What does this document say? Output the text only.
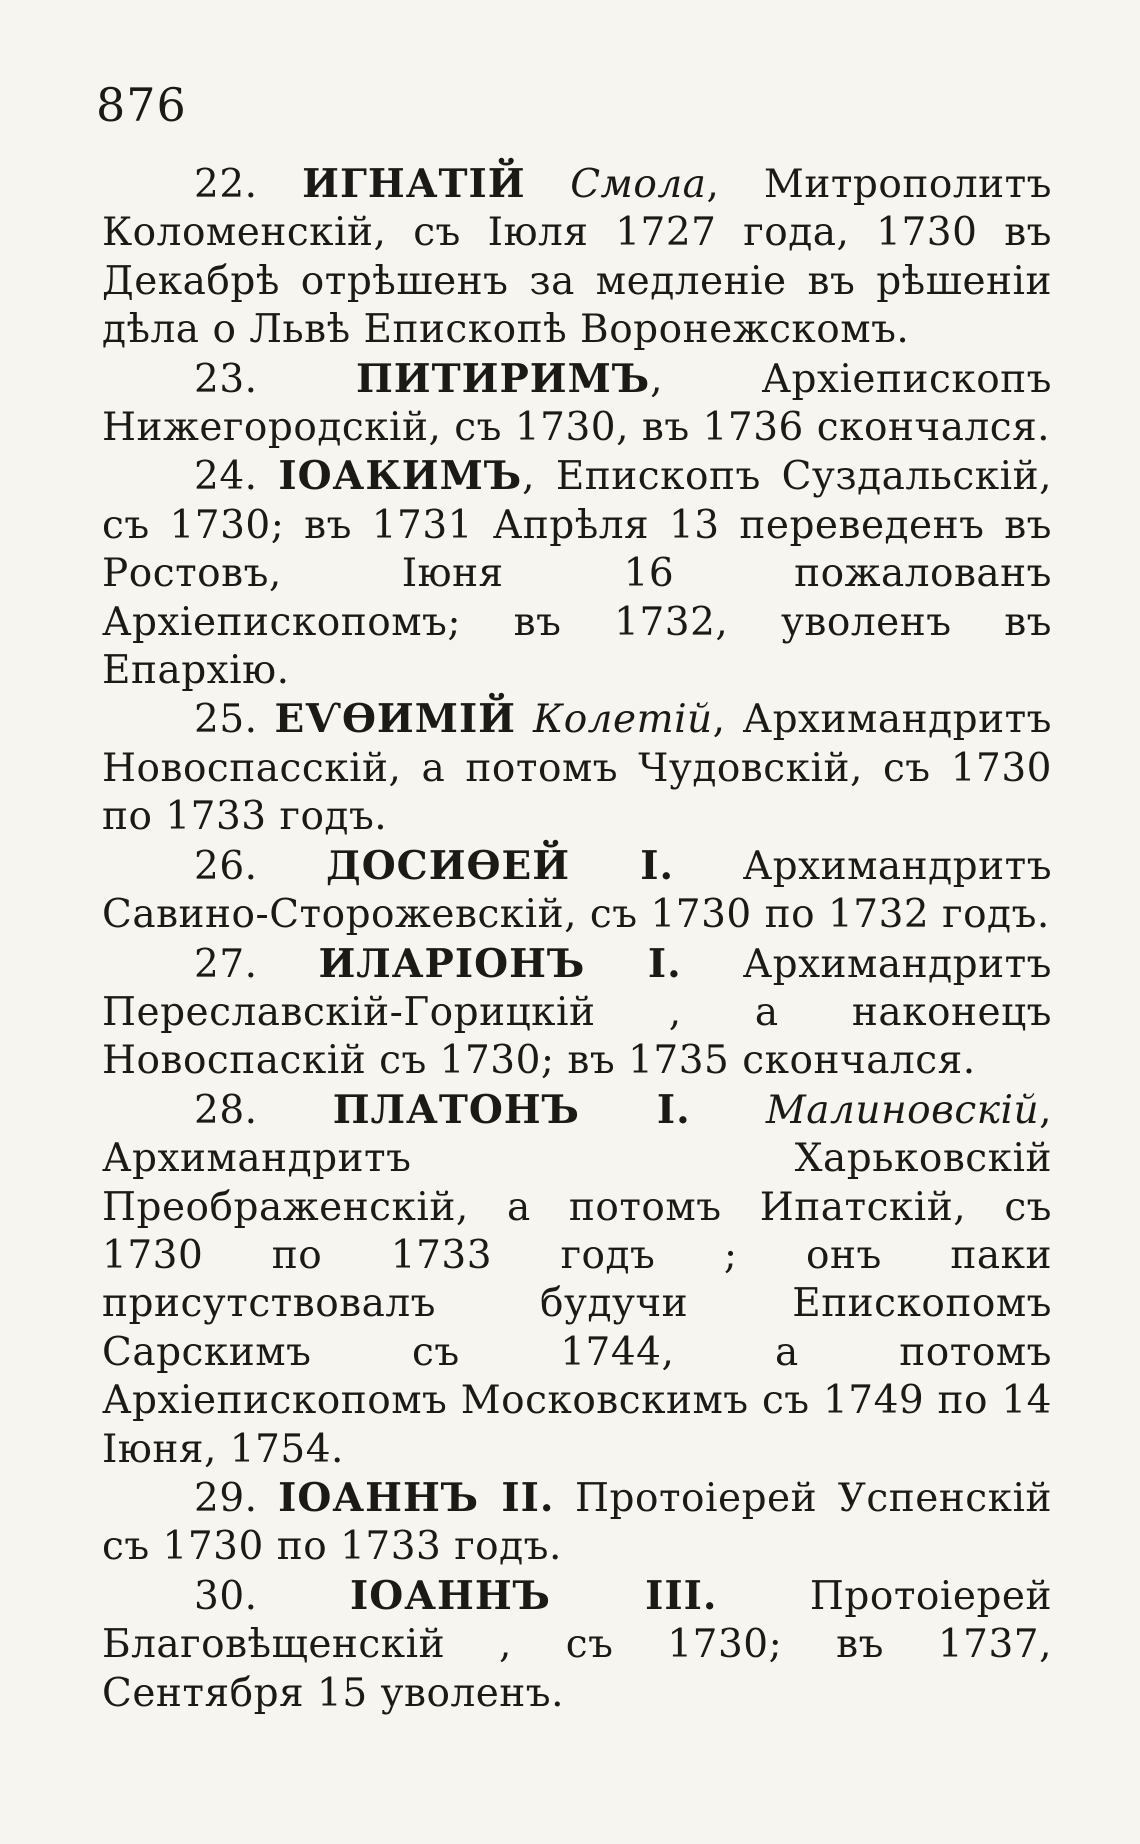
876

22. ИГНАТІЙ Смола, Митрополитъ Коломенскій, съ Іюля 1727 года, 1730 въ Декабрѣ отрѣшенъ за медленіе въ рѣшеніи дѣла о Львѣ Епископѣ Воронежскомъ.

23.	ПИТИРИМЪ, Архіепископъ Нижегородскій, съ 1730, въ 1736 скончался.

24. ІОАКИМЪ, Епископъ Суздальскій, съ 1730; въ 1731 Апрѣля 13 переведенъ въ Ростовъ, Іюня 16 пожалованъ Архіепископомъ; въ 1732, уволенъ въ Епархію.

25. ЕѴѲИМІЙ Колетій, Архимандритъ Новоспасскій, а потомъ Чудовскій, съ 1730 по 1733 годъ.

26. ДОСИѲЕЙ I. Архимандритъ Савино-Сторожевскій, съ 1730 по 1732 годъ.

27. ИЛАРІОНЪ I. Архимандритъ Переславскій-Горицкій , а наконецъ Новоспаскій съ 1730; въ 1735 скончался.

28. ПЛАТОНЪ I. Малиновскій, Архимандритъ Харьковскій Преображенскій, а потомъ Ипатскій, съ 1730 по 1733 годъ ; онъ паки присутствовалъ будучи Епископомъ Сарскимъ съ 1744, а потомъ Архіепископомъ Московскимъ съ 1749 по 14 Іюня, 1754.

29. ІОАННЪ II. Протоіерей Успенскій съ 1730 по 1733 годъ.

30. ІОАННЪ III. Протоіерей Благовѣщенскій , съ 1730; въ 1737, Сентября 15 уволенъ.
